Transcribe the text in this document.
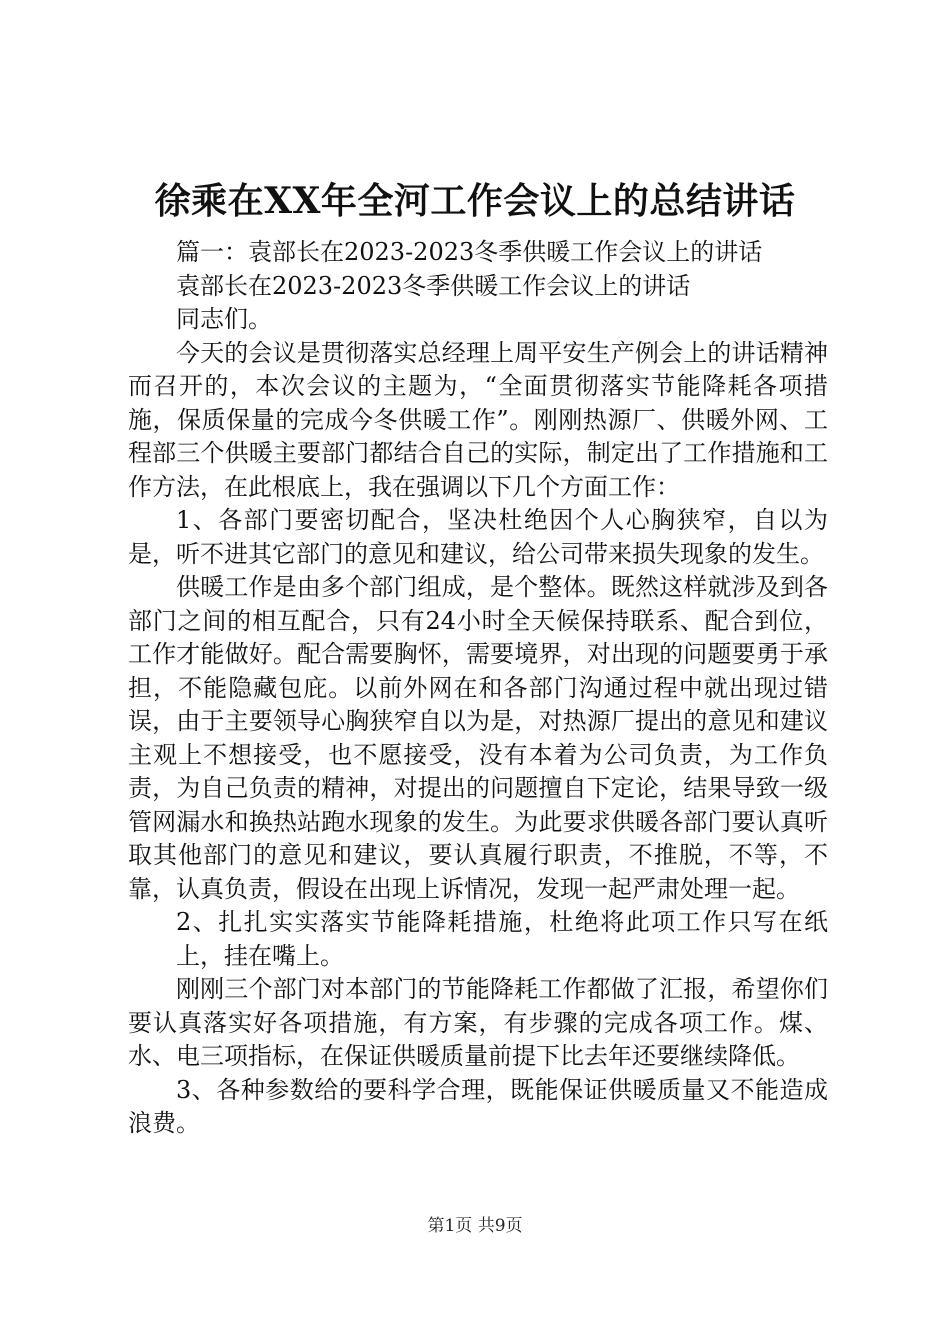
徐乘在XX年全河工作会议上的总结讲话

篇一：袁部长在2023-2023冬季供暖工作会议上的讲话

袁部长在2023-2023冬季供暖工作会议上的讲话

同志们。

今天的会议是贯彻落实总经理上周平安生产例会上的讲话精神而召开的，本次会议的主题为，“全面贯彻落实节能降耗各项措施，保质保量的完成今冬供暖工作”。刚刚热源厂、供暖外网、工程部三个供暖主要部门都结合自己的实际，制定出了工作措施和工作方法，在此根底上，我在强调以下几个方面工作：

1、各部门要密切配合，坚决杜绝因个人心胸狭窄，自以为是，听不进其它部门的意见和建议，给公司带来损失现象的发生。

供暖工作是由多个部门组成，是个整体。既然这样就涉及到各部门之间的相互配合，只有24小时全天候保持联系、配合到位，工作才能做好。配合需要胸怀，需要境界，对出现的问题要勇于承担，不能隐藏包庇。以前外网在和各部门沟通过程中就出现过错误，由于主要领导心胸狭窄自以为是，对热源厂提出的意见和建议主观上不想接受，也不愿接受，没有本着为公司负责，为工作负责，为自己负责的精神，对提出的问题擅自下定论，结果导致一级管网漏水和换热站跑水现象的发生。为此要求供暖各部门要认真听取其他部门的意见和建议，要认真履行职责，不推脱，不等，不靠，认真负责，假设在出现上诉情况，发现一起严肃处理一起。

2、扎扎实实落实节能降耗措施，杜绝将此项工作只写在纸上，挂在嘴上。

刚刚三个部门对本部门的节能降耗工作都做了汇报，希望你们要认真落实好各项措施，有方案，有步骤的完成各项工作。煤、水、电三项指标，在保证供暖质量前提下比去年还要继续降低。

3、各种参数给的要科学合理，既能保证供暖质量又不能造成浪费。

第1页 共9页
